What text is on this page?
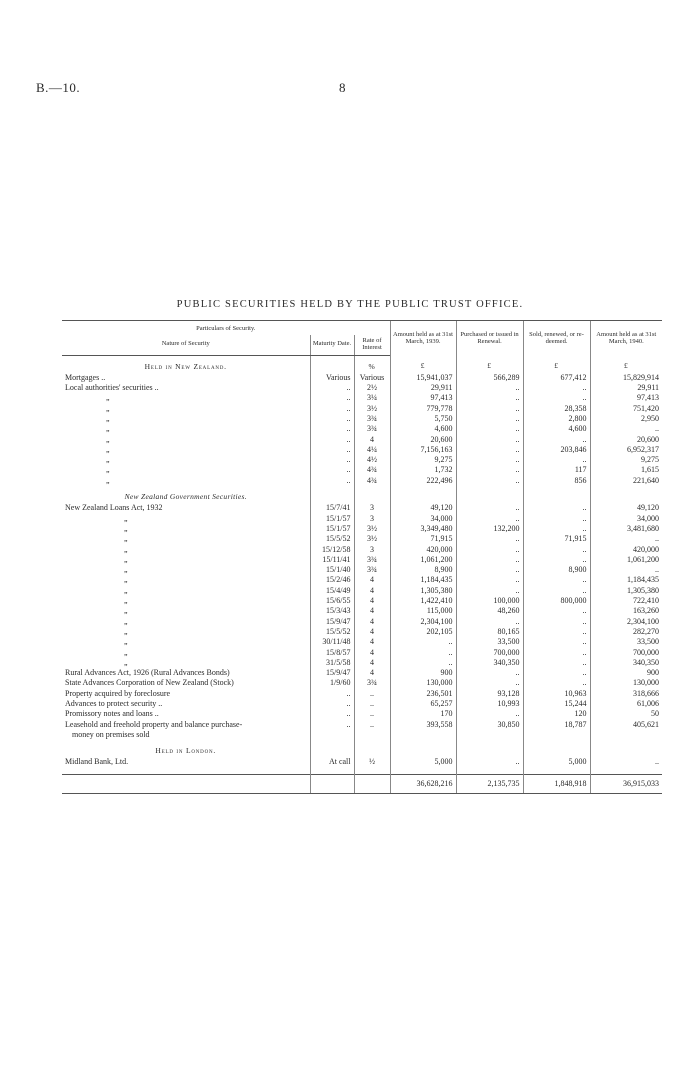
B.—10.	8
PUBLIC SECURITIES HELD BY THE PUBLIC TRUST OFFICE.
Particulars of Security.			Amount held as at 31st March, 1939.	Purchased or issued in Renewal.	Sold, renewed, or re-deemed.	Amount held as at 31st March, 1940.
Nature of Security	Maturity Date.	Rate of Interest				
Held in New Zealand.		%	£	£	£	£
Mortgages ..	Various	Various	15,941,037	566,289	677,412	15,829,914
Local authorities' securities ..	..	2½	29,911	..	..	29,911
„	..	3¼	97,413	..	..	97,413
„	..	3½	779,778	..	28,358	751,420
„	..	3¾	5,750	..	2,800	2,950
„	..	3¾	4,600	..	4,600	..
„	..	4	20,600	..	..	20,600
„	..	4¼	7,156,163	..	203,846	6,952,317
„	..	4½	9,275	..	..	9,275
„	..	4¾	1,732	..	117	1,615
„	..	4¾	222,496	..	856	221,640
New Zealand Government Securities.						
New Zealand Loans Act, 1932	15/7/41	3	49,120	..	..	49,120
„	15/1/57	3	34,000	..	..	34,000
„	15/1/57	3½	3,349,480	132,200	..	3,481,680
„	15/5/52	3½	71,915	..	71,915	..
„	15/12/58	3	420,000	..	..	420,000
„	15/11/41	3¾	1,061,200	..	..	1,061,200
„	15/1/40	3¾	8,900	..	8,900	..
„	15/2/46	4	1,184,435	..	..	1,184,435
„	15/4/49	4	1,305,380	..	..	1,305,380
„	15/6/55	4	1,422,410	100,000	800,000	722,410
„	15/3/43	4	115,000	48,260	..	163,260
„	15/9/47	4	2,304,100	..	..	2,304,100
„	15/5/52	4	202,105	80,165	..	282,270
„	30/11/48	4	..	33,500	..	33,500
„	15/8/57	4	..	700,000	..	700,000
„	31/5/58	4	..	340,350	..	340,350
Rural Advances Act, 1926 (Rural Advances Bonds)	15/9/47	4	900	..	..	900
State Advances Corporation of New Zealand (Stock)	1/9/60	3¾	130,000	..	..	130,000
Property acquired by foreclosure	..	..	236,501	93,128	10,963	318,666
Advances to protect security ..	..	..	65,257	10,993	15,244	61,006
Promissory notes and loans ..	..	..	170	..	120	50
Leasehold and freehold property and balance purchase-	..	..	393,558	30,850	18,787	405,621
money on premises sold						
Held in London.						
Midland Bank, Ltd.	At call	½	5,000	..	5,000	..

			36,628,216	2,135,735	1,848,918	36,915,033
